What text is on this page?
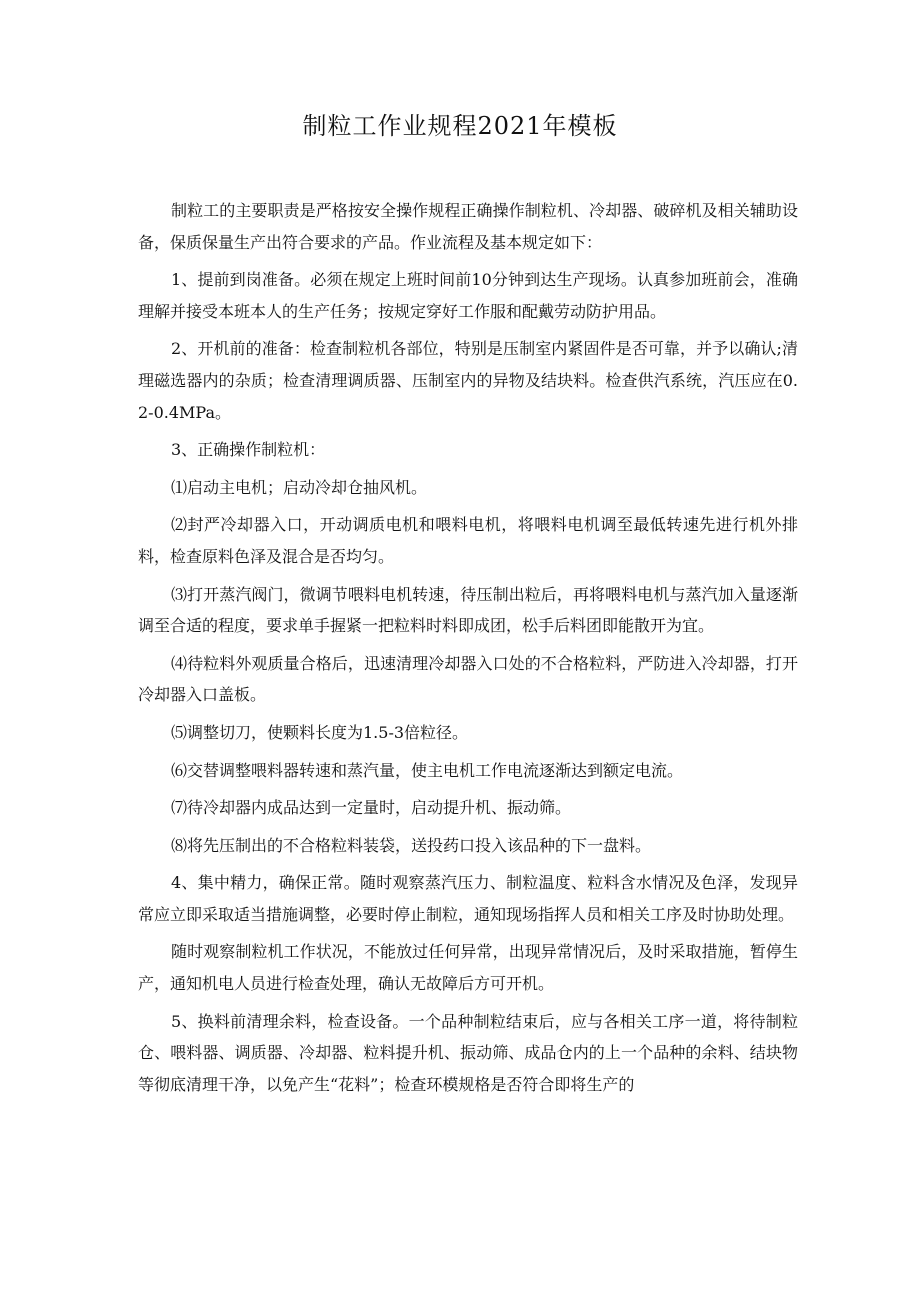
制粒工作业规程2021年模板

制粒工的主要职责是严格按安全操作规程正确操作制粒机、冷却器、破碎机及相关辅助设备，保质保量生产出符合要求的产品。作业流程及基本规定如下：

1、提前到岗准备。必须在规定上班时间前10分钟到达生产现场。认真参加班前会，准确理解并接受本班本人的生产任务；按规定穿好工作服和配戴劳动防护用品。

2、开机前的准备：检查制粒机各部位，特别是压制室内紧固件是否可靠，并予以确认;清理磁选器内的杂质；检查清理调质器、压制室内的异物及结块料。检查供汽系统，汽压应在0.2-0.4MPa。

3、正确操作制粒机：

⑴启动主电机；启动冷却仓抽风机。

⑵封严冷却器入口，开动调质电机和喂料电机，将喂料电机调至最低转速先进行机外排料，检查原料色泽及混合是否均匀。

⑶打开蒸汽阀门，微调节喂料电机转速，待压制出粒后，再将喂料电机与蒸汽加入量逐渐调至合适的程度，要求单手握紧一把粒料时料即成团，松手后料团即能散开为宜。

⑷待粒料外观质量合格后，迅速清理冷却器入口处的不合格粒料，严防进入冷却器，打开冷却器入口盖板。

⑸调整切刀，使颗料长度为1.5-3倍粒径。

⑹交替调整喂料器转速和蒸汽量，使主电机工作电流逐渐达到额定电流。

⑺待冷却器内成品达到一定量时，启动提升机、振动筛。

⑻将先压制出的不合格粒料装袋，送投药口投入该品种的下一盘料。

4、集中精力，确保正常。随时观察蒸汽压力、制粒温度、粒料含水情况及色泽，发现异常应立即采取适当措施调整，必要时停止制粒，通知现场指挥人员和相关工序及时协助处理。

随时观察制粒机工作状况，不能放过任何异常，出现异常情况后，及时采取措施，暂停生产，通知机电人员进行检查处理，确认无故障后方可开机。

5、换料前清理余料，检查设备。一个品种制粒结束后，应与各相关工序一道，将待制粒仓、喂料器、调质器、冷却器、粒料提升机、振动筛、成品仓内的上一个品种的余料、结块物等彻底清理干净，以免产生“花料”；检查环模规格是否符合即将生产的
